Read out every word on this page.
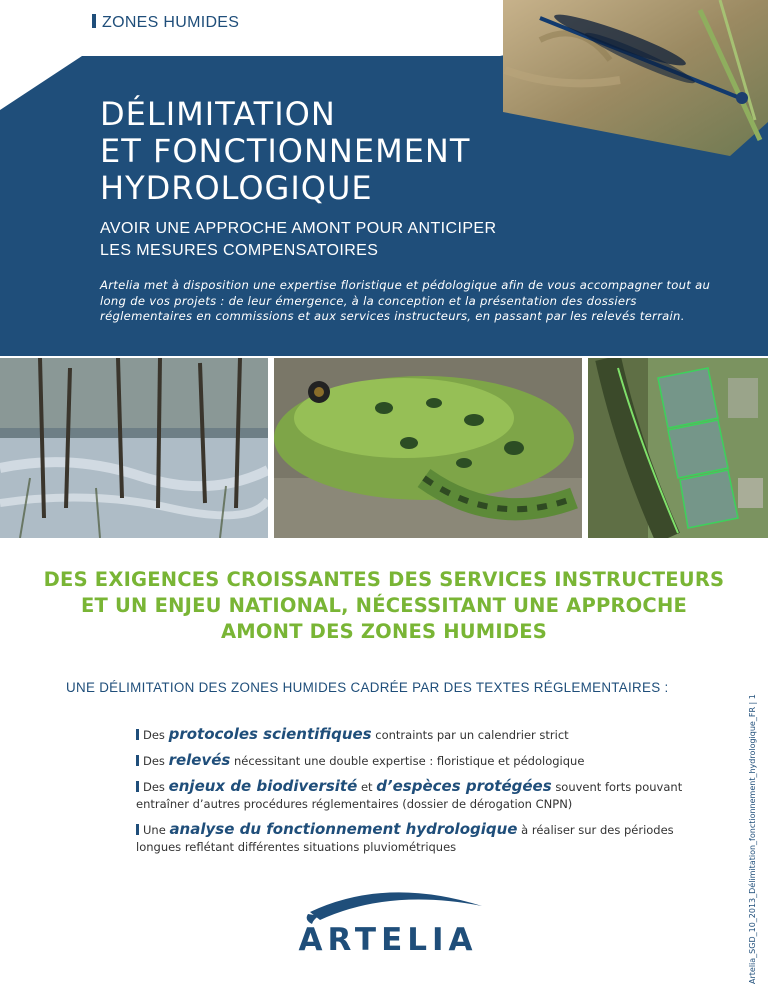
ZONES HUMIDES
DÉLIMITATION
ET FONCTIONNEMENT
HYDROLOGIQUE
AVOIR UNE APPROCHE AMONT POUR ANTICIPER
LES MESURES COMPENSATOIRES
Artelia met à disposition une expertise floristique et pédologique afin de vous accompagner tout au long de vos projets : de leur émergence, à la conception et la présentation des dossiers réglementaires en commissions et aux services instructeurs, en passant par les relevés terrain.
DES EXIGENCES CROISSANTES DES SERVICES INSTRUCTEURS
ET UN ENJEU NATIONAL, NÉCESSITANT UNE APPROCHE
AMONT DES ZONES HUMIDES
UNE DÉLIMITATION DES ZONES HUMIDES CADRÉE PAR DES TEXTES RÉGLEMENTAIRES :
Des protocoles scientifiques contraints par un calendrier strict
Des relevés nécessitant une double expertise : floristique et pédologique
Des enjeux de biodiversité et d’espèces protégées souvent forts pouvant entraîner d’autres procédures réglementaires (dossier de dérogation CNPN)
Une analyse du fonctionnement hydrologique à réaliser sur des périodes longues reflétant différentes situations pluviométriques
ARTELIA	Artelia_SGD_10_2013_Délimitation_fonctionnement_hydrologique_FR | 1
